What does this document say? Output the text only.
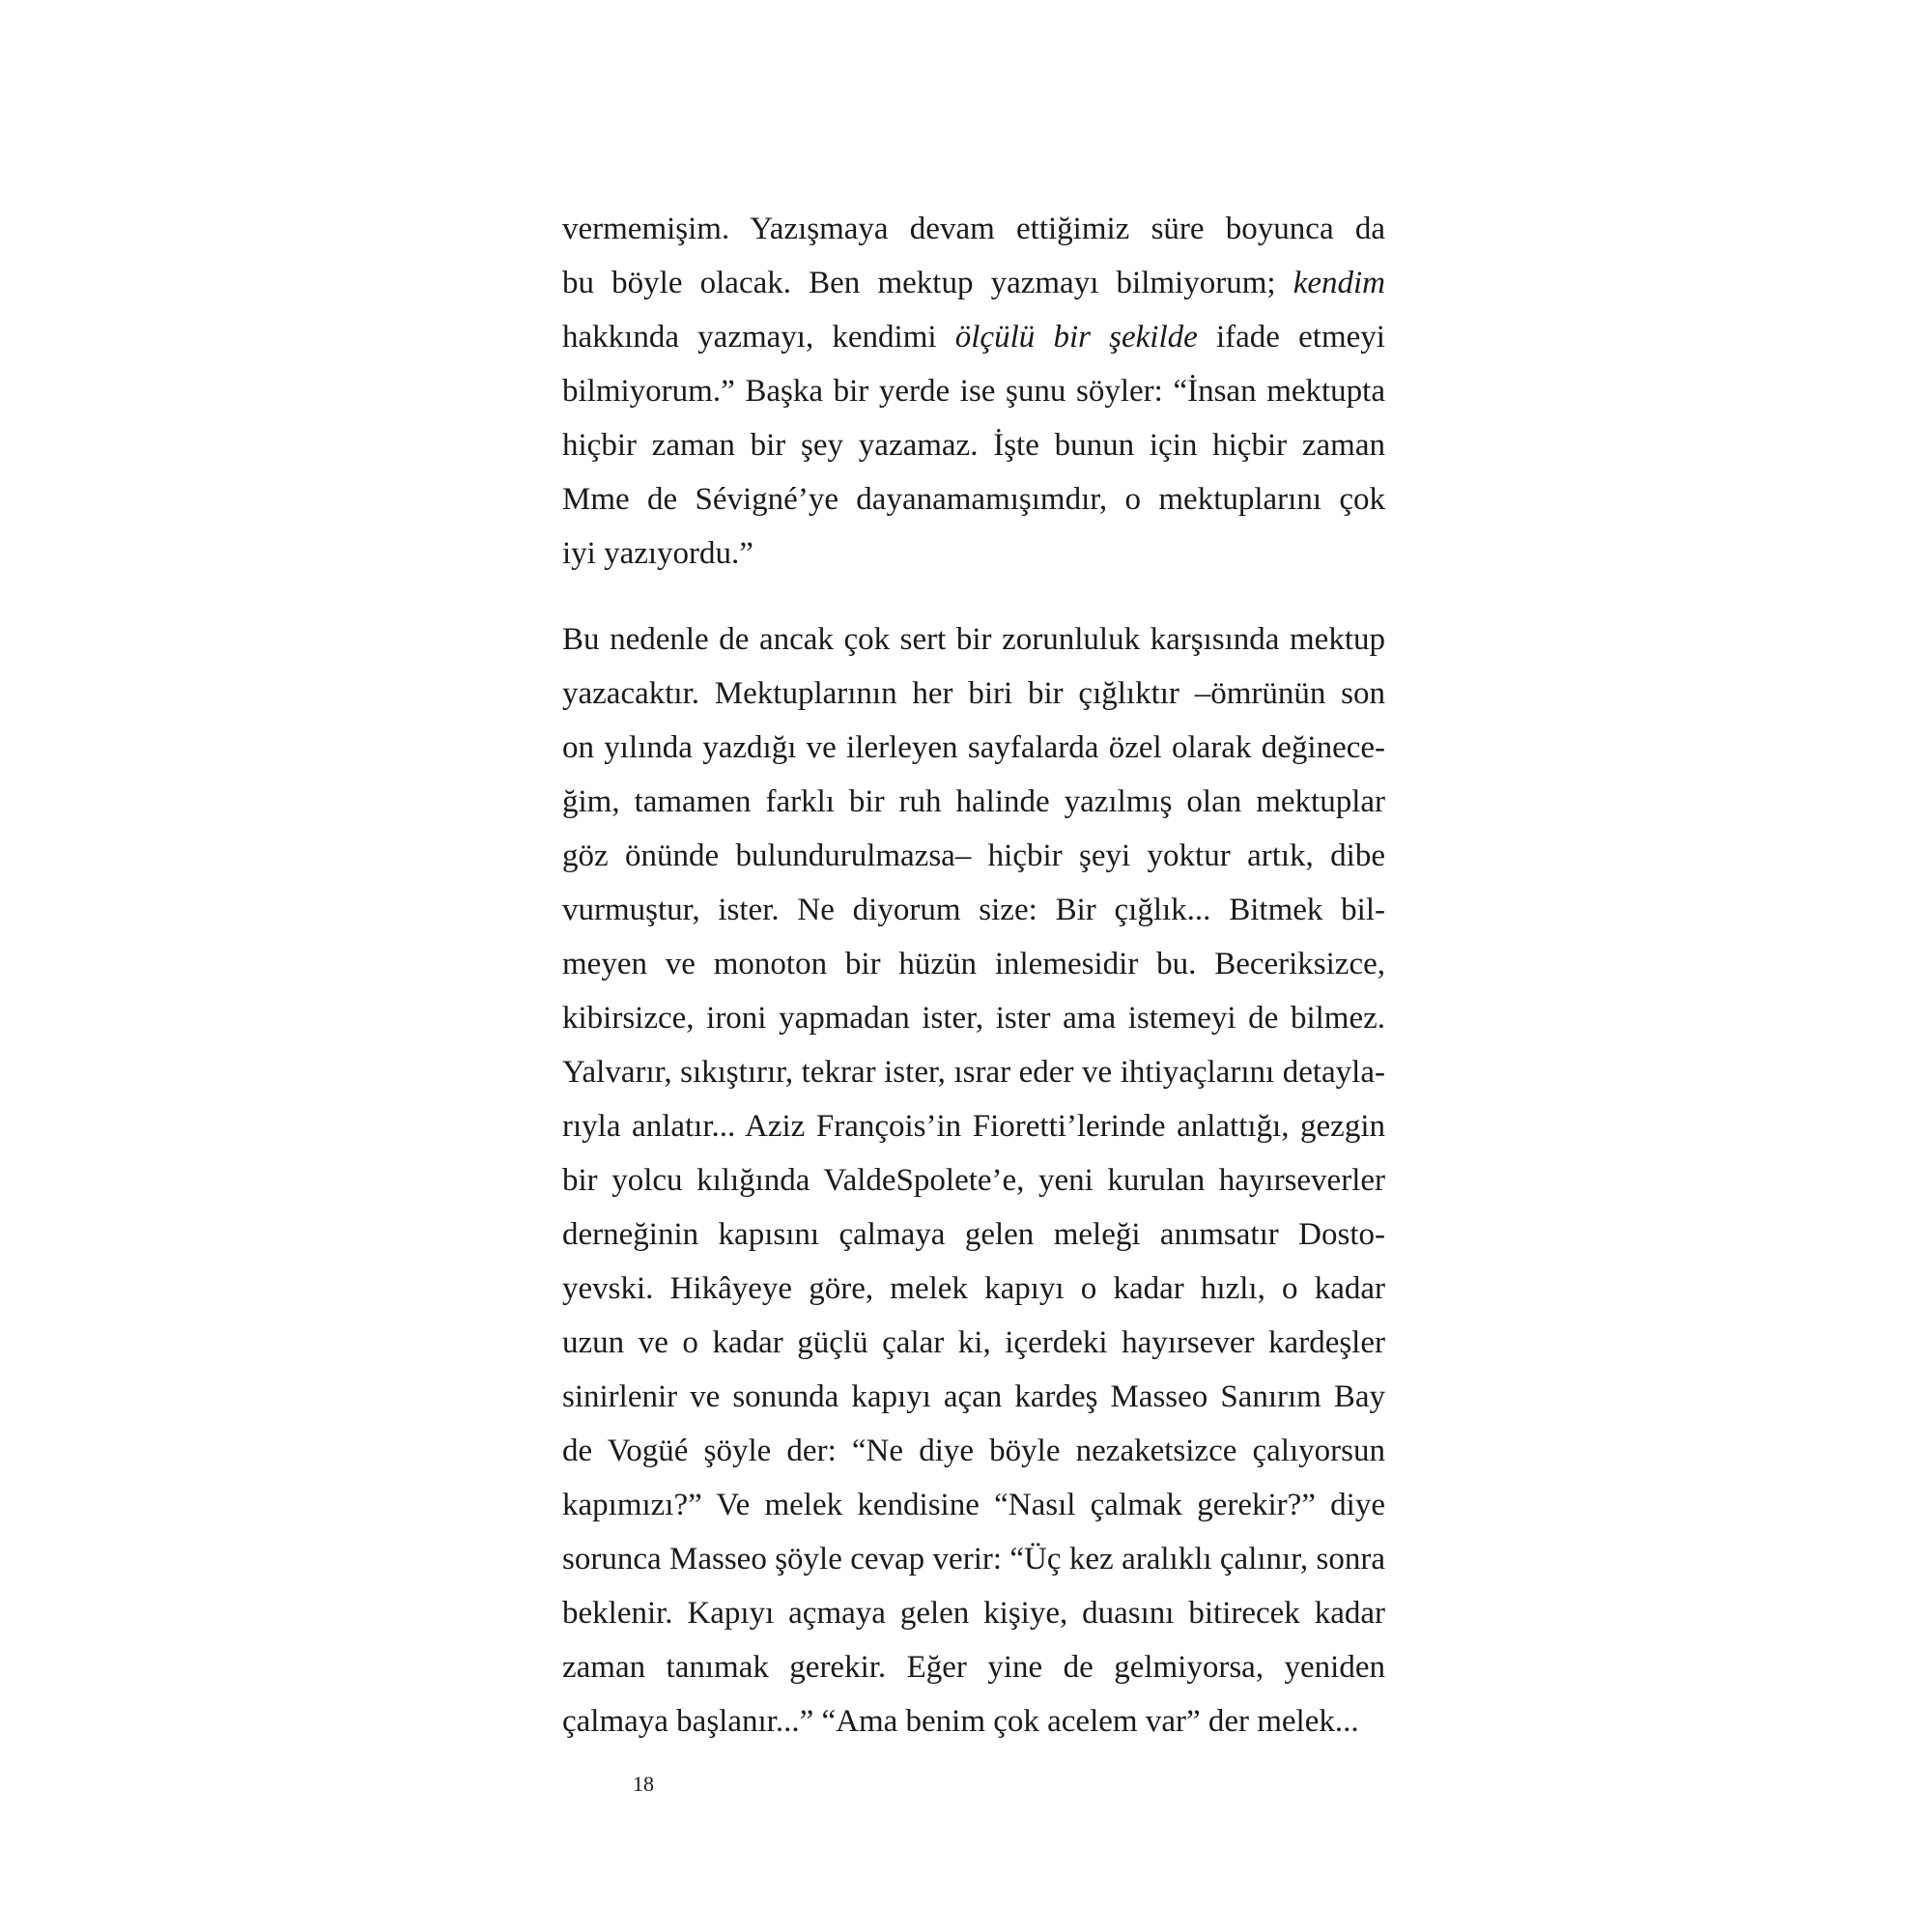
vermemişim. Yazışmaya devam ettiğimiz süre boyunca da
bu böyle olacak. Ben mektup yazmayı bilmiyorum; kendim
hakkında yazmayı, kendimi ölçülü bir şekilde ifade etmeyi
bilmiyorum.” Başka bir yerde ise şunu söyler: “İnsan mektupta
hiçbir zaman bir şey yazamaz. İşte bunun için hiçbir zaman
Mme de Sévigné’ye dayanamamışımdır, o mektuplarını çok
iyi yazıyordu.”
Bu nedenle de ancak çok sert bir zorunluluk karşısında mektup
yazacaktır. Mektuplarının her biri bir çığlıktır –ömrünün son
on yılında yazdığı ve ilerleyen sayfalarda özel olarak değinece-
ğim, tamamen farklı bir ruh halinde yazılmış olan mektuplar
göz önünde bulundurulmazsa– hiçbir şeyi yoktur artık, dibe
vurmuştur, ister. Ne diyorum size: Bir çığlık... Bitmek bil-
meyen ve monoton bir hüzün inlemesidir bu. Beceriksizce,
kibirsizce, ironi yapmadan ister, ister ama istemeyi de bilmez.
Yalvarır, sıkıştırır, tekrar ister, ısrar eder ve ihtiyaçlarını detayla-
rıyla anlatır... Aziz François’in Fioretti’lerinde anlattığı, gezgin
bir yolcu kılığında ValdeSpolete’e, yeni kurulan hayırseverler
derneğinin kapısını çalmaya gelen meleği anımsatır Dosto-
yevski. Hikâyeye göre, melek kapıyı o kadar hızlı, o kadar
uzun ve o kadar güçlü çalar ki, içerdeki hayırsever kardeşler
sinirlenir ve sonunda kapıyı açan kardeş Masseo Sanırım Bay
de Vogüé şöyle der: “Ne diye böyle nezaketsizce çalıyorsun
kapımızı?” Ve melek kendisine “Nasıl çalmak gerekir?” diye
sorunca Masseo şöyle cevap verir: “Üç kez aralıklı çalınır, sonra
beklenir. Kapıyı açmaya gelen kişiye, duasını bitirecek kadar
zaman tanımak gerekir. Eğer yine de gelmiyorsa, yeniden
çalmaya başlanır...” “Ama benim çok acelem var” der melek...
18
